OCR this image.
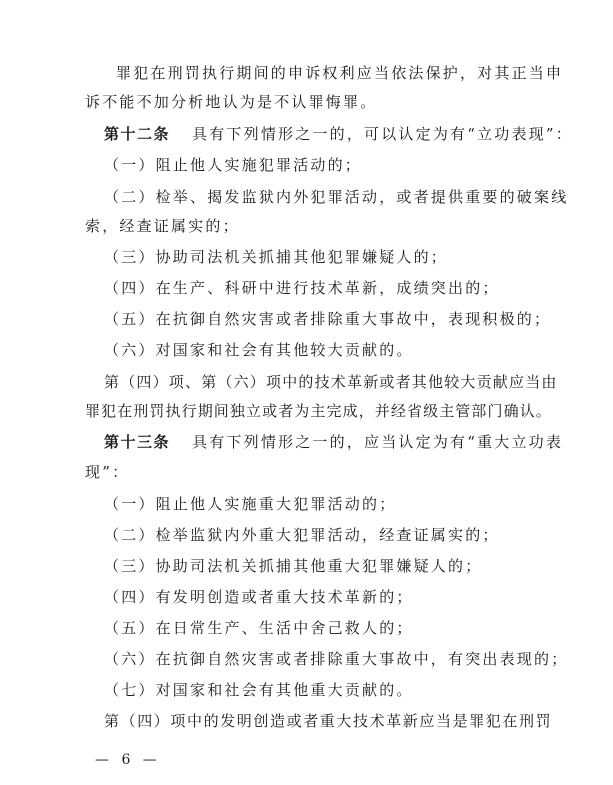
罪犯在刑罚执行期间的申诉权利应当依法保护，对其正当申
诉不能不加分析地认为是不认罪悔罪。
第十二条 具有下列情形之一的，可以认定为有“立功表现”：
（一）阻止他人实施犯罪活动的；
（二）检举、揭发监狱内外犯罪活动，或者提供重要的破案线
索，经查证属实的；
（三）协助司法机关抓捕其他犯罪嫌疑人的；
（四）在生产、科研中进行技术革新，成绩突出的；
（五）在抗御自然灾害或者排除重大事故中，表现积极的；
（六）对国家和社会有其他较大贡献的。
第（四）项、第（六）项中的技术革新或者其他较大贡献应当由
罪犯在刑罚执行期间独立或者为主完成，并经省级主管部门确认。
第十三条 具有下列情形之一的，应当认定为有“重大立功表
现”：
（一）阻止他人实施重大犯罪活动的；
（二）检举监狱内外重大犯罪活动，经查证属实的；
（三）协助司法机关抓捕其他重大犯罪嫌疑人的；
（四）有发明创造或者重大技术革新的；
（五）在日常生产、生活中舍己救人的；
（六）在抗御自然灾害或者排除重大事故中，有突出表现的；
（七）对国家和社会有其他重大贡献的。
第（四）项中的发明创造或者重大技术革新应当是罪犯在刑罚
— 6 —
